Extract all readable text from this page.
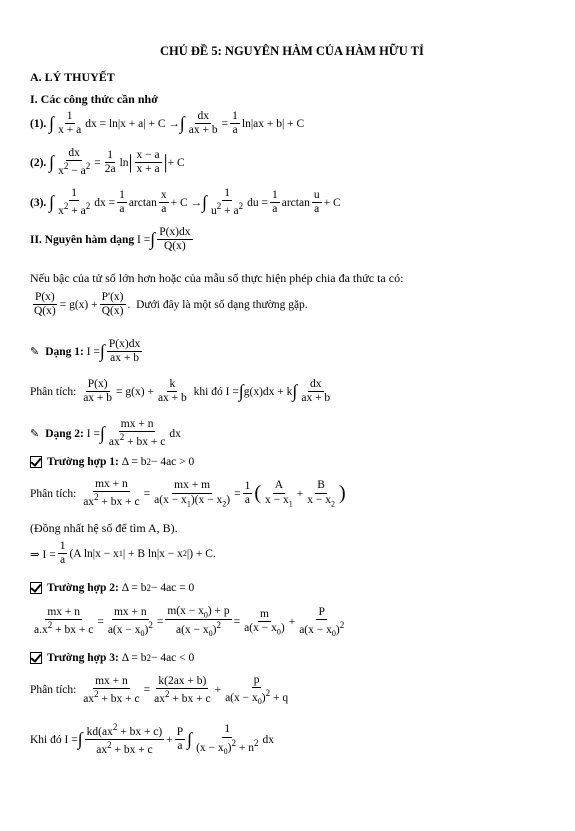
CHỦ ĐỀ 5: NGUYÊN HÀM CỦA HÀM HỮU TỈ
A. LÝ THUYẾT
I. Các công thức cần nhớ
(1).
∫ $\frac{1}{x + a}$ dx = ln|x + a| + C → ∫ $\frac{dx}{ax + b} = \frac{1}{a} \ln|ax + b| + C$
(2).
∫ $\frac{dx}{x^2 - a^2} = \frac{1}{2a}$ ln | $\frac{x - a}{x + a}$ | + C
(3).
∫ $\frac{1}{x^2 + a^2}$ dx = $\frac{1}{a}$ $\arctan \frac{x}{a} + C$ → ∫ $\frac{1}{u^2 + a^2}$ du = $\frac{1}{a}$ $\arctan \frac{u}{a} + C$
II. Nguyên hàm dạng I = ∫ $\frac{P(x)dx}{Q(x)}$
Nếu bậc của tử số lớn hơn hoặc của mẫu số thực hiện phép chia đa thức ta có:
$\frac{P(x)}{Q(x)} = g(x) + \frac{P'(x)}{Q(x)}$ . Dưới đây là một số dạng thường gặp.
✎ Dạng 1: I = ∫ $\frac{P(x)dx}{ax + b}$
Phân tích:
$\frac{P(x)}{ax + b} = g(x) + \frac{k}{ax + b}$
khi đó I = ∫ g(x)dx + k ∫ $\frac{dx}{ax + b}$
✎ Dạng 2: I = ∫ $\frac{mx + n}{ax^2 + bx + c}$ dx
Trường hợp 1: Δ = b 2 − 4ac > 0
Phân tích:
$\frac{mx + n}{ax^2 + bx + c} = \frac{mx + m}{a(x - x_1)(x - x_2)} = \frac{1}{a}$ ( $\frac{A}{x - x_1} + \frac{B}{x - x_2}$ )
(Đồng nhất hệ số để tìm A, B).
⇒ $I = \frac{1}{a} (A$ ln|x − x 1 | + B ln|x − x 2 |) + C.
Trường hợp 2: Δ = b 2 − 4ac = 0
$\frac{mx + n}{a.x^2 + bx + c} = \frac{mx + n}{a(x - x_0)^2} = \frac{m(x - x_0) + p}{a(x - x_0)^2} = \frac{m}{a(x - x_0)} + \frac{P}{a(x - x_0)^2}$
Trường hợp 3: Δ = b 2 − 4ac < 0
Phân tích:
$\frac{mx + n}{ax^2 + bx + c} = \frac{k(2ax + b)}{ax^2 + bx + c} + \frac{p}{a(x - x_0)^2 + q}$
Khi đó I = ∫ $\frac{kd(ax^2 + bx + c)}{ax^2 + bx + c} + \frac{P}{a}$ ∫ $\frac{1}{(x - x_0)^2 + n^2}$ dx
